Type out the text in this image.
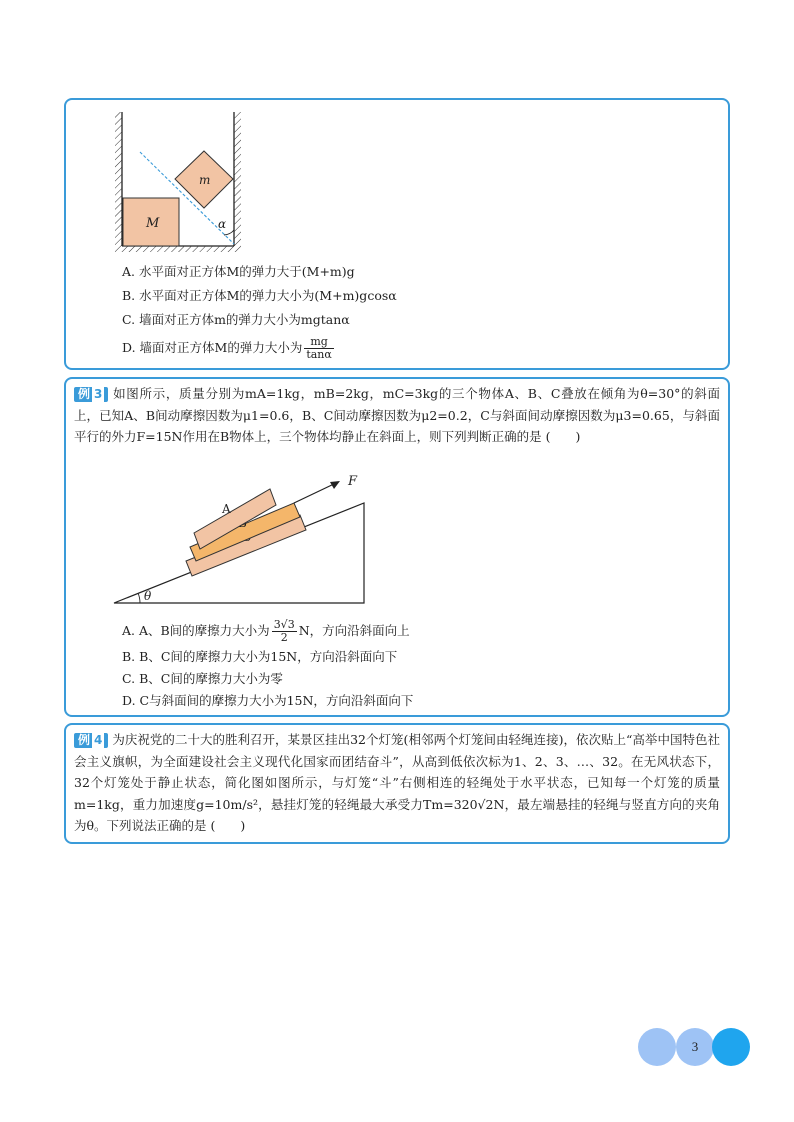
M
m
α
A. 水平面对正方体M的弹力大于(M+m)g
B. 水平面对正方体M的弹力大小为(M+m)gcosα
C. 墙面对正方体m的弹力大小为mgtanα
D. 墙面对正方体M的弹力大小为 $\frac{mg}{\tan\alpha}$
例 3 如图所示，质量分别为mA=1kg，mB=2kg，mC=3kg的三个物体A、B、C叠放在倾角为θ=30°的斜面上，已知A、B间动摩擦因数为μ1=0.6，B、C间动摩擦因数为μ2=0.2，C与斜面间动摩擦因数为μ3=0.65，与斜面平行的外力F=15N作用在B物体上，三个物体均静止在斜面上，则下列判断正确的是 (　　)
A
F
θ
A. A、B间的摩擦力大小为 $\frac{3√3}{2}$ N，方向沿斜面向上
B. B、C间的摩擦力大小为15N，方向沿斜面向下
C. B、C间的摩擦力大小为零
D. C与斜面间的摩擦力大小为15N，方向沿斜面向下
例 4 为庆祝党的二十大的胜利召开，某景区挂出32个灯笼(相邻两个灯笼间由轻绳连接)，依次贴上“高举中国特色社会主义旗帜，为全面建设社会主义现代化国家而团结奋斗”，从高到低依次标为1、2、3、…、32。在无风状态下，32个灯笼处于静止状态，简化图如图所示，与灯笼“斗”右侧相连的轻绳处于水平状态，已知每一个灯笼的质量m=1kg，重力加速度g=10m/s²，悬挂灯笼的轻绳最大承受力Tm=320√2N，最左端悬挂的轻绳与竖直方向的夹角为θ。下列说法正确的是 (　　)
3
